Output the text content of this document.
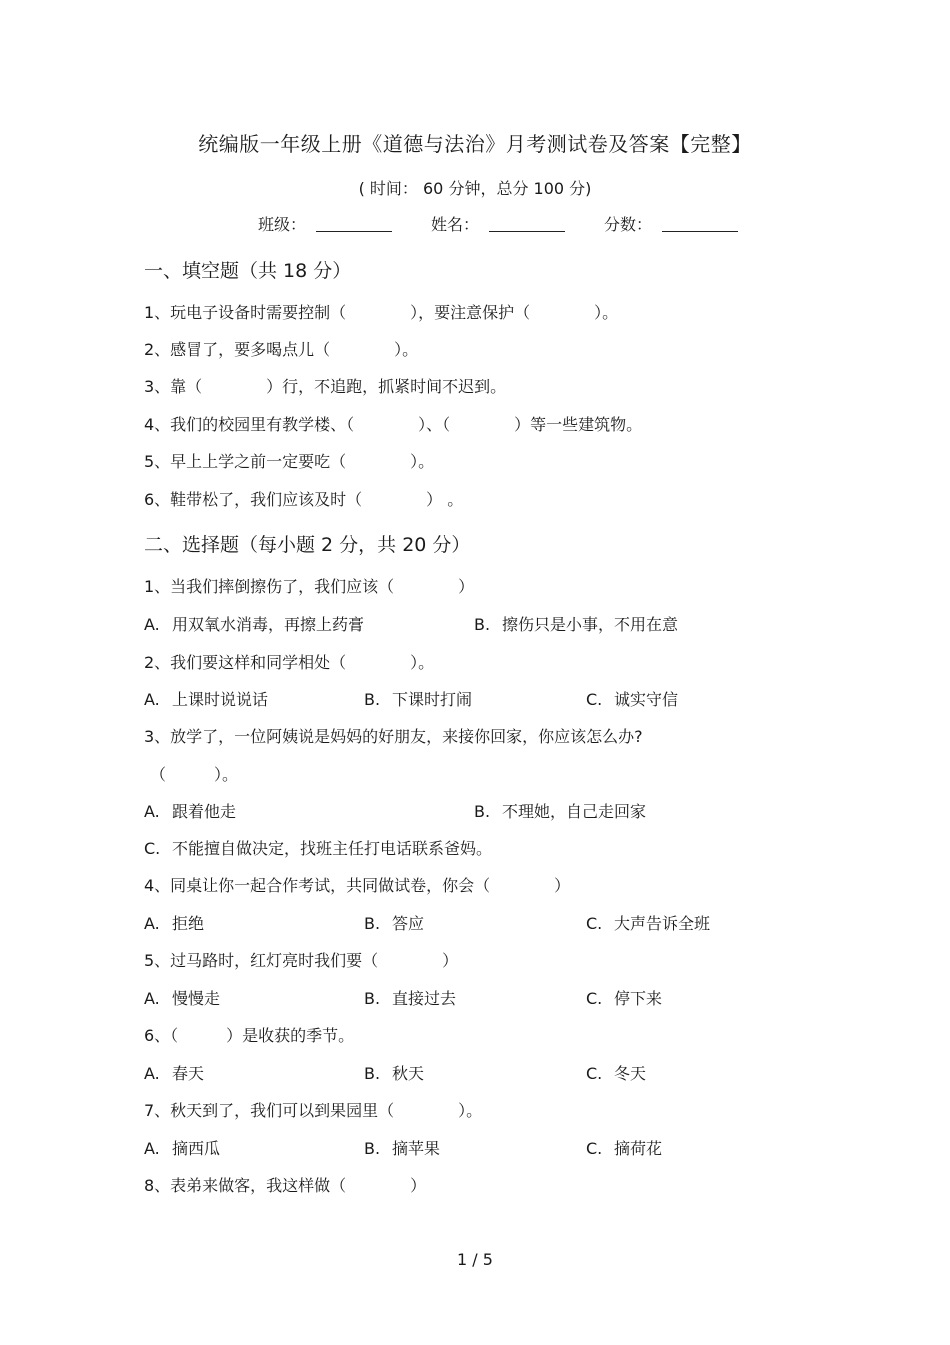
统编版一年级上册《道德与法治》月考测试卷及答案【完整】
( 时间： 60 分钟，总分 100 分)
班级：	姓名：	分数：
一、填空题（共 18 分）
1、玩电子设备时需要控制（　　　　），要注意保护（　　　　）。
2、感冒了，要多喝点儿（　　　　）。
3、靠（　　　　）行，不追跑，抓紧时间不迟到。
4、我们的校园里有教学楼、（　　　　）、（　　　　）等一些建筑物。
5、早上上学之前一定要吃（　　　　）。
6、鞋带松了，我们应该及时（　　　　） 。
二、选择题（每小题 2 分，共 20 分）
1、当我们摔倒擦伤了，我们应该（　　　　）
A. 用双氧水消毒，再擦上药膏	B. 擦伤只是小事，不用在意
2、我们要这样和同学相处（　　　　）。
A. 上课时说说话	B. 下课时打闹	C. 诚实守信
3、放学了，一位阿姨说是妈妈的好朋友，来接你回家，你应该怎么办?
（　　　）。
A. 跟着他走	B. 不理她，自己走回家
C. 不能擅自做决定，找班主任打电话联系爸妈。
4、同桌让你一起合作考试，共同做试卷，你会（　　　　）
A. 拒绝	B. 答应	C. 大声告诉全班
5、过马路时，红灯亮时我们要（　　　　）
A. 慢慢走	B. 直接过去	C. 停下来
6、（　　　）是收获的季节。
A. 春天	B. 秋天	C. 冬天
7、秋天到了，我们可以到果园里（　　　　）。
A. 摘西瓜	B. 摘苹果	C. 摘荷花
8、表弟来做客，我这样做（　　　　）
1 / 5
